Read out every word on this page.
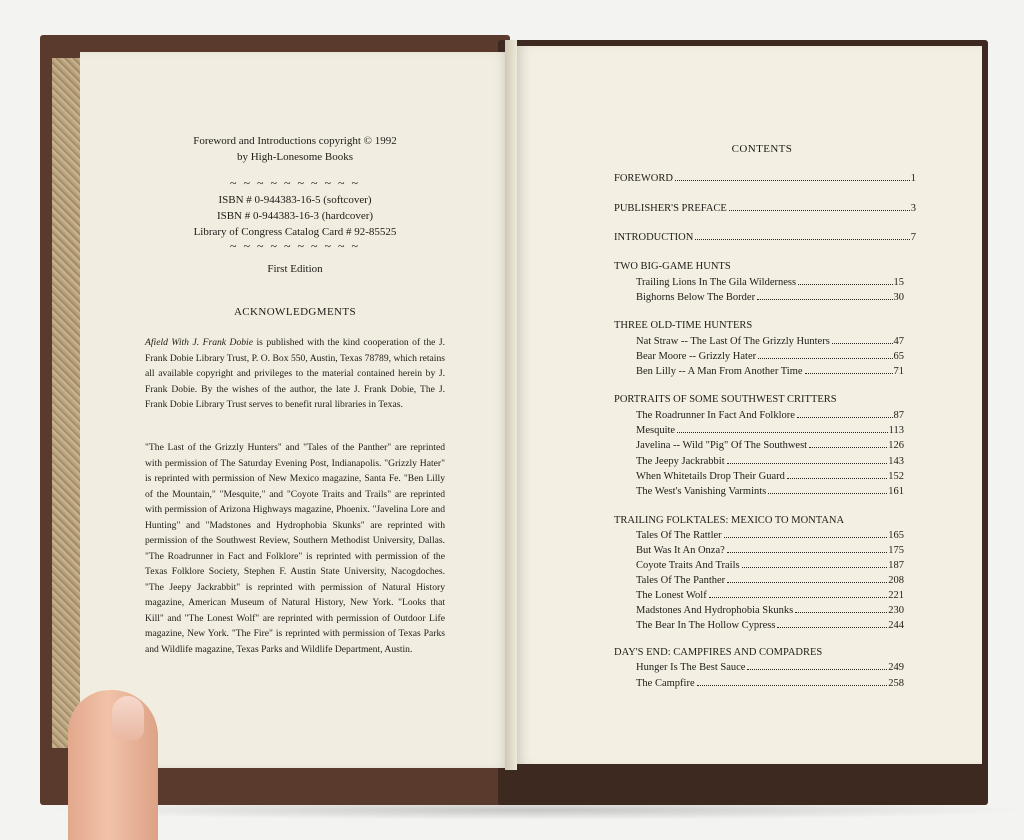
Foreword and Introductions copyright © 1992
by High-Lonesome Books
~ ~ ~ ~ ~ ~ ~ ~ ~ ~
ISBN # 0-944383-16-5 (softcover)
ISBN # 0-944383-16-3 (hardcover)
Library of Congress Catalog Card # 92-85525
~ ~ ~ ~ ~ ~ ~ ~ ~ ~
First Edition
ACKNOWLEDGMENTS
Afield With J. Frank Dobie is published with the kind cooperation of the J. Frank Dobie Library Trust, P. O. Box 550, Austin, Texas 78789, which retains all available copyright and privileges to the material contained herein by J. Frank Dobie. By the wishes of the author, the late J. Frank Dobie, The J. Frank Dobie Library Trust serves to benefit rural libraries in Texas.
"The Last of the Grizzly Hunters" and "Tales of the Panther" are reprinted with permission of The Saturday Evening Post, Indianapolis. "Grizzly Hater" is reprinted with permission of New Mexico magazine, Santa Fe. "Ben Lilly of the Mountain," "Mesquite," and "Coyote Traits and Trails" are reprinted with permission of Arizona Highways magazine, Phoenix. "Javelina Lore and Hunting" and "Madstones and Hydrophobia Skunks" are reprinted with permission of the Southwest Review, Southern Methodist University, Dallas. "The Roadrunner in Fact and Folklore" is reprinted with permission of the Texas Folklore Society, Stephen F. Austin State University, Nacogdoches. "The Jeepy Jackrabbit" is reprinted with permission of Natural History magazine, American Museum of Natural History, New York. "Looks that Kill" and "The Lonest Wolf" are reprinted with permission of Outdoor Life magazine, New York. "The Fire" is reprinted with permission of Texas Parks and Wildlife magazine, Texas Parks and Wildlife Department, Austin.
CONTENTS
FOREWORD	1
PUBLISHER'S PREFACE	3
INTRODUCTION	7
TWO BIG-GAME HUNTS
Trailing Lions In The Gila Wilderness	15
Bighorns Below The Border	30
THREE OLD-TIME HUNTERS
Nat Straw -- The Last Of The Grizzly Hunters	47
Bear Moore -- Grizzly Hater	65
Ben Lilly -- A Man From Another Time	71
PORTRAITS OF SOME SOUTHWEST CRITTERS
The Roadrunner In Fact And Folklore	87
Mesquite	113
Javelina -- Wild "Pig" Of The Southwest	126
The Jeepy Jackrabbit	143
When Whitetails Drop Their Guard	152
The West's Vanishing Varmints	161
TRAILING FOLKTALES: MEXICO TO MONTANA
Tales Of The Rattler	165
But Was It An Onza?	175
Coyote Traits And Trails	187
Tales Of The Panther	208
The Lonest Wolf	221
Madstones And Hydrophobia Skunks	230
The Bear In The Hollow Cypress	244
DAY'S END: CAMPFIRES AND COMPADRES
Hunger Is The Best Sauce	249
The Campfire	258
